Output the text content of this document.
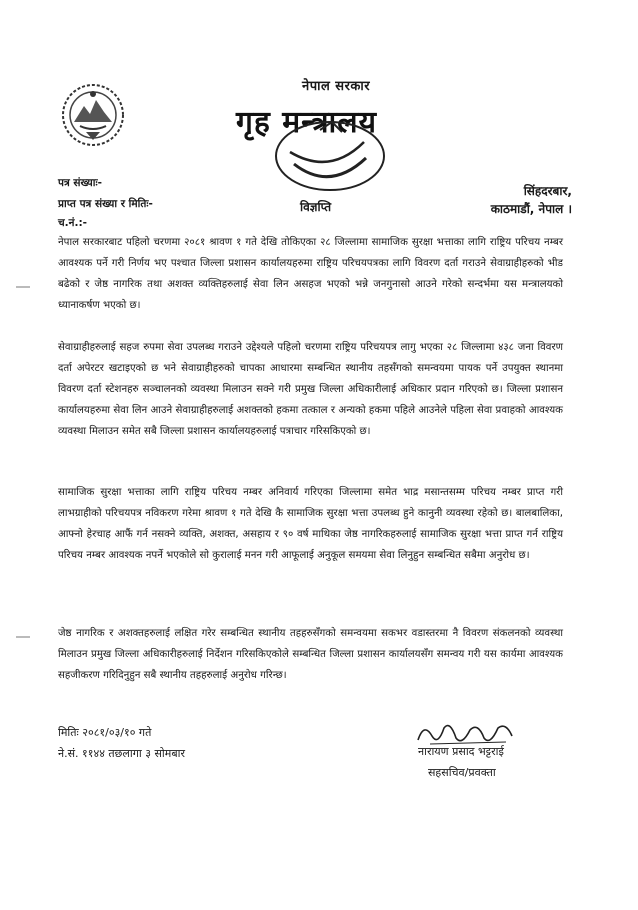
नेपाल सरकार
गृह मन्त्रालय
विज्ञप्ति
पत्र संख्याः-
प्राप्त पत्र संख्या र मितिः-
च.नं.:-
सिंहदरबार,
काठमाडौं, नेपाल ।

नेपाल सरकारबाट पहिलो चरणमा २०८१ श्रावण १ गते देखि तोकिएका २८ जिल्लामा सामाजिक सुरक्षा भत्ताका लागि राष्ट्रिय परिचय नम्बर आवश्यक पर्ने गरी निर्णय भए पश्चात जिल्ला प्रशासन कार्यालयहरुमा राष्ट्रिय परिचयपत्रका लागि विवरण दर्ता गराउने सेवाग्राहीहरुको भीड बढेको र जेष्ठ नागरिक तथा अशक्त व्यक्तिहरुलाई सेवा लिन असहज भएको भन्ने जनगुनासो आउने गरेको सन्दर्भमा यस मन्त्रालयको ध्यानाकर्षण भएको छ।

सेवाग्राहीहरुलाई सहज रुपमा सेवा उपलब्ध गराउने उद्देश्यले पहिलो चरणमा राष्ट्रिय परिचयपत्र लागु भएका २८ जिल्लामा ४३८ जना विवरण दर्ता अपेरटर खटाइएको छ भने सेवाग्राहीहरुको चापका आधारमा सम्बन्धित स्थानीय तहसँगको समन्वयमा पायक पर्ने उपयुक्त स्थानमा विवरण दर्ता स्टेशनहरु सञ्चालनको व्यवस्था मिलाउन सक्ने गरी प्रमुख जिल्ला अधिकारीलाई अधिकार प्रदान गरिएको छ। जिल्ला प्रशासन कार्यालयहरुमा सेवा लिन आउने सेवाग्राहीहरुलाई अशक्तको हकमा तत्काल र अन्यको हकमा पहिले आउनेले पहिला सेवा प्रवाहको आवश्यक व्यवस्था मिलाउन समेत सबै जिल्ला प्रशासन कार्यालयहरुलाई पत्राचार गरिसकिएको छ।

सामाजिक सुरक्षा भत्ताका लागि राष्ट्रिय परिचय नम्बर अनिवार्य गरिएका जिल्लामा समेत भाद्र मसान्तसम्म परिचय नम्बर प्राप्त गरी लाभग्राहीको परिचयपत्र नविकरण गरेमा श्रावण १ गते देखि कै सामाजिक सुरक्षा भत्ता उपलब्ध हुने कानुनी व्यवस्था रहेको छ। बालबालिका, आफ्नो हेरचाह आफैं गर्न नसक्ने व्यक्ति, अशक्त, असहाय र ९० वर्ष माथिका जेष्ठ नागरिकहरुलाई सामाजिक सुरक्षा भत्ता प्राप्त गर्न राष्ट्रिय परिचय नम्बर आवश्यक नपर्ने भएकोले सो कुरालाई मनन गरी आफूलाई अनुकूल समयमा सेवा लिनुहुन सम्बन्धित सबैमा अनुरोध छ।

जेष्ठ नागरिक र अशक्तहरुलाई लक्षित गरेर सम्बन्धित स्थानीय तहहरुसँगको समन्वयमा सकभर वडास्तरमा नै विवरण संकलनको व्यवस्था मिलाउन प्रमुख जिल्ला अधिकारीहरुलाई निर्देशन गरिसकिएकोले सम्बन्धित जिल्ला प्रशासन कार्यालयसँग समन्वय गरी यस कार्यमा आवश्यक सहजीकरण गरिदिनुहुन सबै स्थानीय तहहरुलाई अनुरोध गरिन्छ।

मितिः २०८१/०३/१० गते
ने.सं. ११४४ तछलागा ३ सोमबार	नारायण प्रसाद भट्टराई
सहसचिव/प्रवक्ता
